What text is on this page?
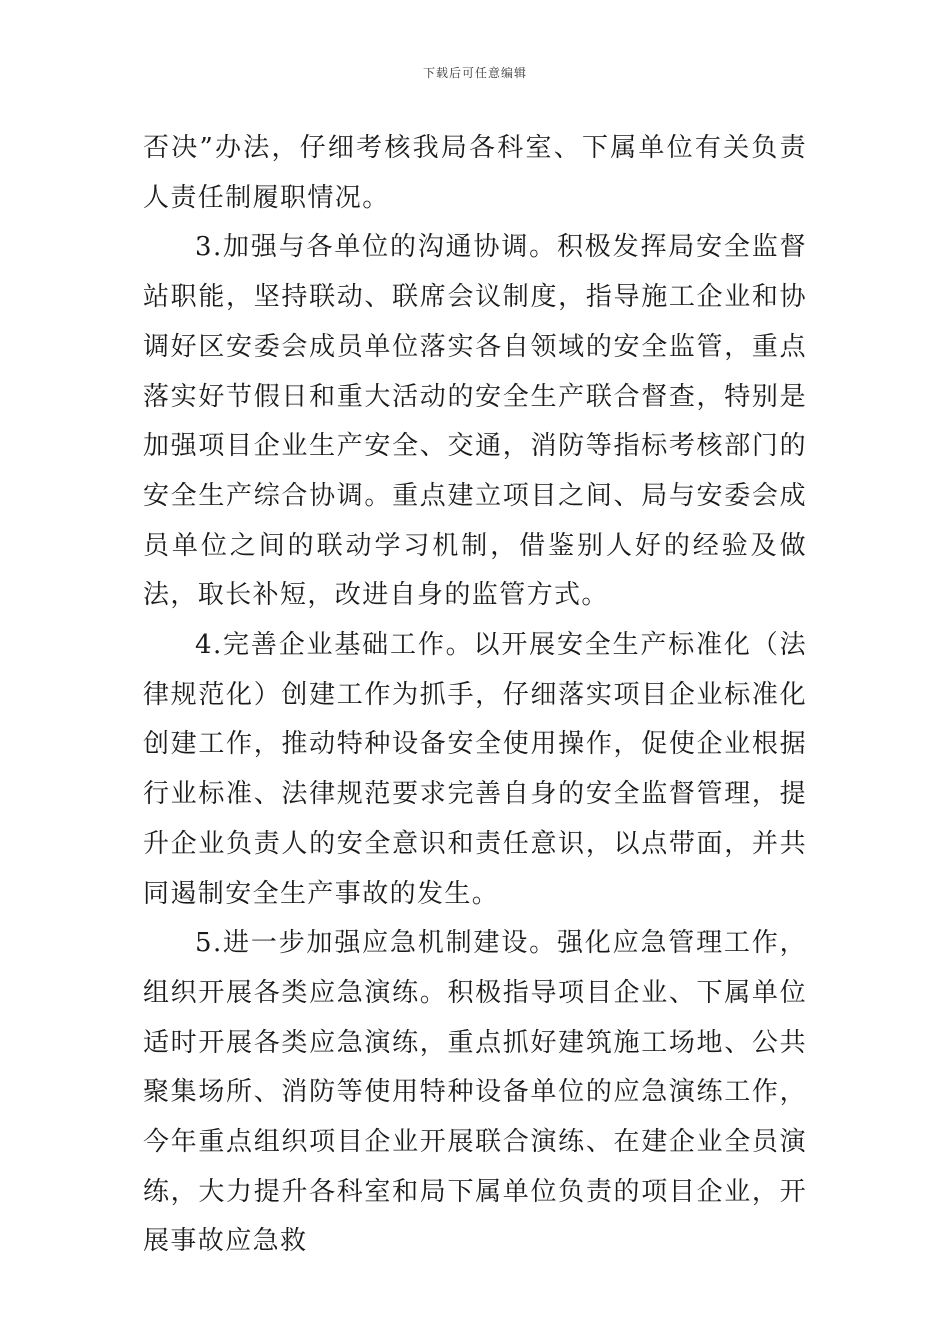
下载后可任意编辑

否决”办法，仔细考核我局各科室、下属单位有关负责人责任制履职情况。

3.加强与各单位的沟通协调。积极发挥局安全监督站职能，坚持联动、联席会议制度，指导施工企业和协调好区安委会成员单位落实各自领域的安全监管，重点落实好节假日和重大活动的安全生产联合督查，特别是加强项目企业生产安全、交通，消防等指标考核部门的安全生产综合协调。重点建立项目之间、局与安委会成员单位之间的联动学习机制，借鉴别人好的经验及做法，取长补短，改进自身的监管方式。

4.完善企业基础工作。以开展安全生产标准化（法律规范化）创建工作为抓手，仔细落实项目企业标准化创建工作，推动特种设备安全使用操作，促使企业根据行业标准、法律规范要求完善自身的安全监督管理，提升企业负责人的安全意识和责任意识，以点带面，并共同遏制安全生产事故的发生。

5.进一步加强应急机制建设。强化应急管理工作，组织开展各类应急演练。积极指导项目企业、下属单位适时开展各类应急演练，重点抓好建筑施工场地、公共聚集场所、消防等使用特种设备单位的应急演练工作，今年重点组织项目企业开展联合演练、在建企业全员演练，大力提升各科室和局下属单位负责的项目企业，开展事故应急救
